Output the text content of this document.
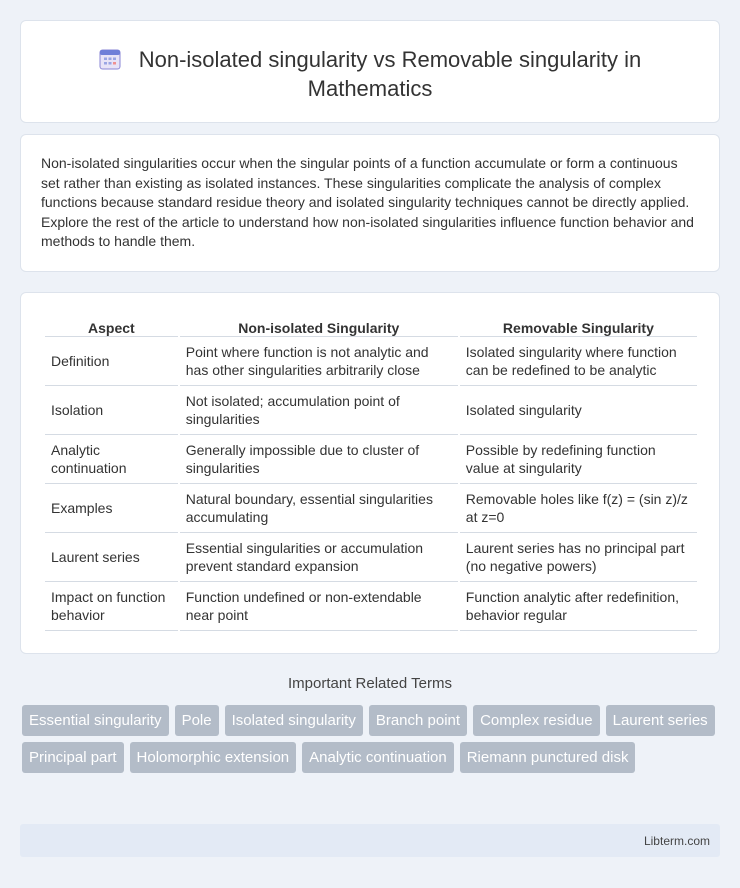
Non-isolated singularity vs Removable singularity in Mathematics

Non-isolated singularities occur when the singular points of a function accumulate or form a continuous set rather than existing as isolated instances. These singularities complicate the analysis of complex functions because standard residue theory and isolated singularity techniques cannot be directly applied. Explore the rest of the article to understand how non-isolated singularities influence function behavior and methods to handle them.

Aspect	Non-isolated Singularity	Removable Singularity
Definition	Point where function is not analytic and has other singularities arbitrarily close	Isolated singularity where function can be redefined to be analytic
Isolation	Not isolated; accumulation point of singularities	Isolated singularity
Analytic continuation	Generally impossible due to cluster of singularities	Possible by redefining function value at singularity
Examples	Natural boundary, essential singularities accumulating	Removable holes like f(z) = (sin z)/z at z=0
Laurent series	Essential singularities or accumulation prevent standard expansion	Laurent series has no principal part (no negative powers)
Impact on function behavior	Function undefined or non-extendable near point	Function analytic after redefinition, behavior regular
Important Related Terms
Essential singularity	Pole	Isolated singularity	Branch point	Complex residue	Laurent series
Principal part	Holomorphic extension	Analytic continuation	Riemann punctured disk
Libterm.com
